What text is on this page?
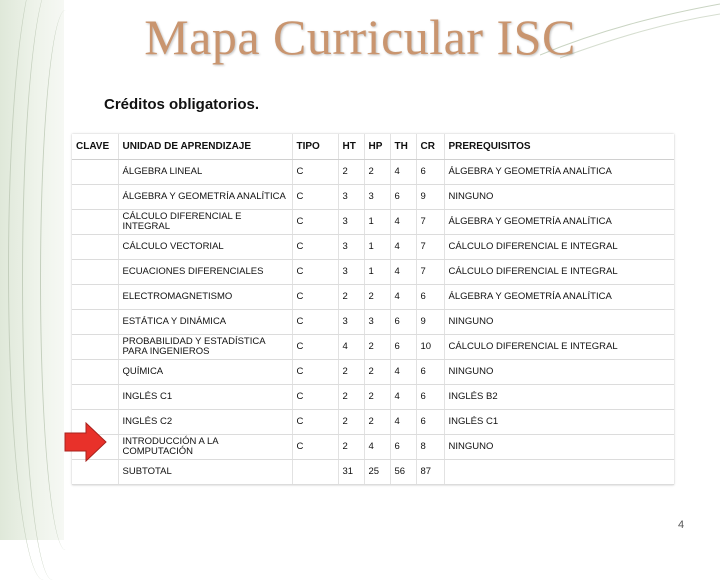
Mapa Curricular ISC
Créditos obligatorios.
CLAVE	UNIDAD DE APRENDIZAJE	TIPO	HT	HP	TH	CR	PREREQUISITOS
	ÁLGEBRA LINEAL	C	2	2	4	6	ÁLGEBRA Y GEOMETRÍA ANALÍTICA
	ÁLGEBRA Y GEOMETRÍA ANALÍTICA	C	3	3	6	9	NINGUNO
	CÁLCULO DIFERENCIAL E INTEGRAL	C	3	1	4	7	ÁLGEBRA Y GEOMETRÍA ANALÍTICA
	CÁLCULO VECTORIAL	C	3	1	4	7	CÁLCULO DIFERENCIAL E INTEGRAL
	ECUACIONES DIFERENCIALES	C	3	1	4	7	CÁLCULO DIFERENCIAL E INTEGRAL
	ELECTROMAGNETISMO	C	2	2	4	6	ÁLGEBRA Y GEOMETRÍA ANALÍTICA
	ESTÁTICA Y DINÁMICA	C	3	3	6	9	NINGUNO
	PROBABILIDAD Y ESTADÍSTICA PARA INGENIEROS	C	4	2	6	10	CÁLCULO DIFERENCIAL E INTEGRAL
	QUÍMICA	C	2	2	4	6	NINGUNO
	INGLÉS C1	C	2	2	4	6	INGLÉS B2
	INGLÉS C2	C	2	2	4	6	INGLÉS C1
	INTRODUCCIÓN A LA COMPUTACIÓN	C	2	4	6	8	NINGUNO
	SUBTOTAL		31	25	56	87	
4
